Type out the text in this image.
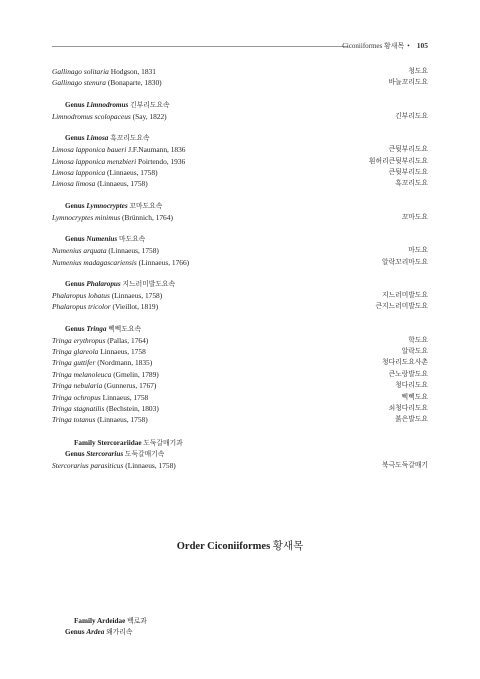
Ciconiiformes 황새목 • 105
Gallinago solitaria Hodgson, 1831	청도요
Gallinago stenura (Bonaparte, 1830)	바늘꼬리도요
Genus Limnodromus 긴부리도요속
Limnodromus scolopaceus (Say, 1822)	긴부리도요
Genus Limosa 흑꼬리도요속
Limosa lapponica baueri J.F.Naumann, 1836	큰뒷부리도요
Limosa lapponica menzbieri Poirtendo, 1936	흰허리큰뒷부리도요
Limosa lapponica (Linnaeus, 1758)	큰뒷부리도요
Limosa limosa (Linnaeus, 1758)	흑꼬리도요
Genus Lymnocryptes 꼬마도요속
Lymnocryptes minimus (Brünnich, 1764)	꼬마도요
Genus Numenius 마도요속
Numenius arquata (Linnaeus, 1758)	마도요
Numenius madagascariensis (Linnaeus, 1766)	알락꼬리마도요
Genus Phalaropus 지느러미발도요속
Phalaropus lobatus (Linnaeus, 1758)	지느러미발도요
Phalaropus tricolor (Vieillot, 1819)	큰지느러미발도요
Genus Tringa 삑삑도요속
Tringa erythropus (Pallas, 1764)	학도요
Tringa glareola Linnaeus, 1758	알락도요
Tringa guttifer (Nordmann, 1835)	청다리도요사촌
Tringa melanoleuca (Gmelin, 1789)	큰노랑발도요
Tringa nebularia (Gunnerus, 1767)	청다리도요
Tringa ochropus Linnaeus, 1758	삑삑도요
Tringa stagnatilis (Bechstein, 1803)	쇠청다리도요
Tringa totanus (Linnaeus, 1758)	붉은발도요
Family Stercorariidae 도둑갈매기과
Genus Stercorarius 도둑갈매기속
Stercorarius parasiticus (Linnaeus, 1758)	북극도둑갈매기
Order Ciconiiformes 황새목
Family Ardeidae 백로과
Genus Ardea 왜가리속
